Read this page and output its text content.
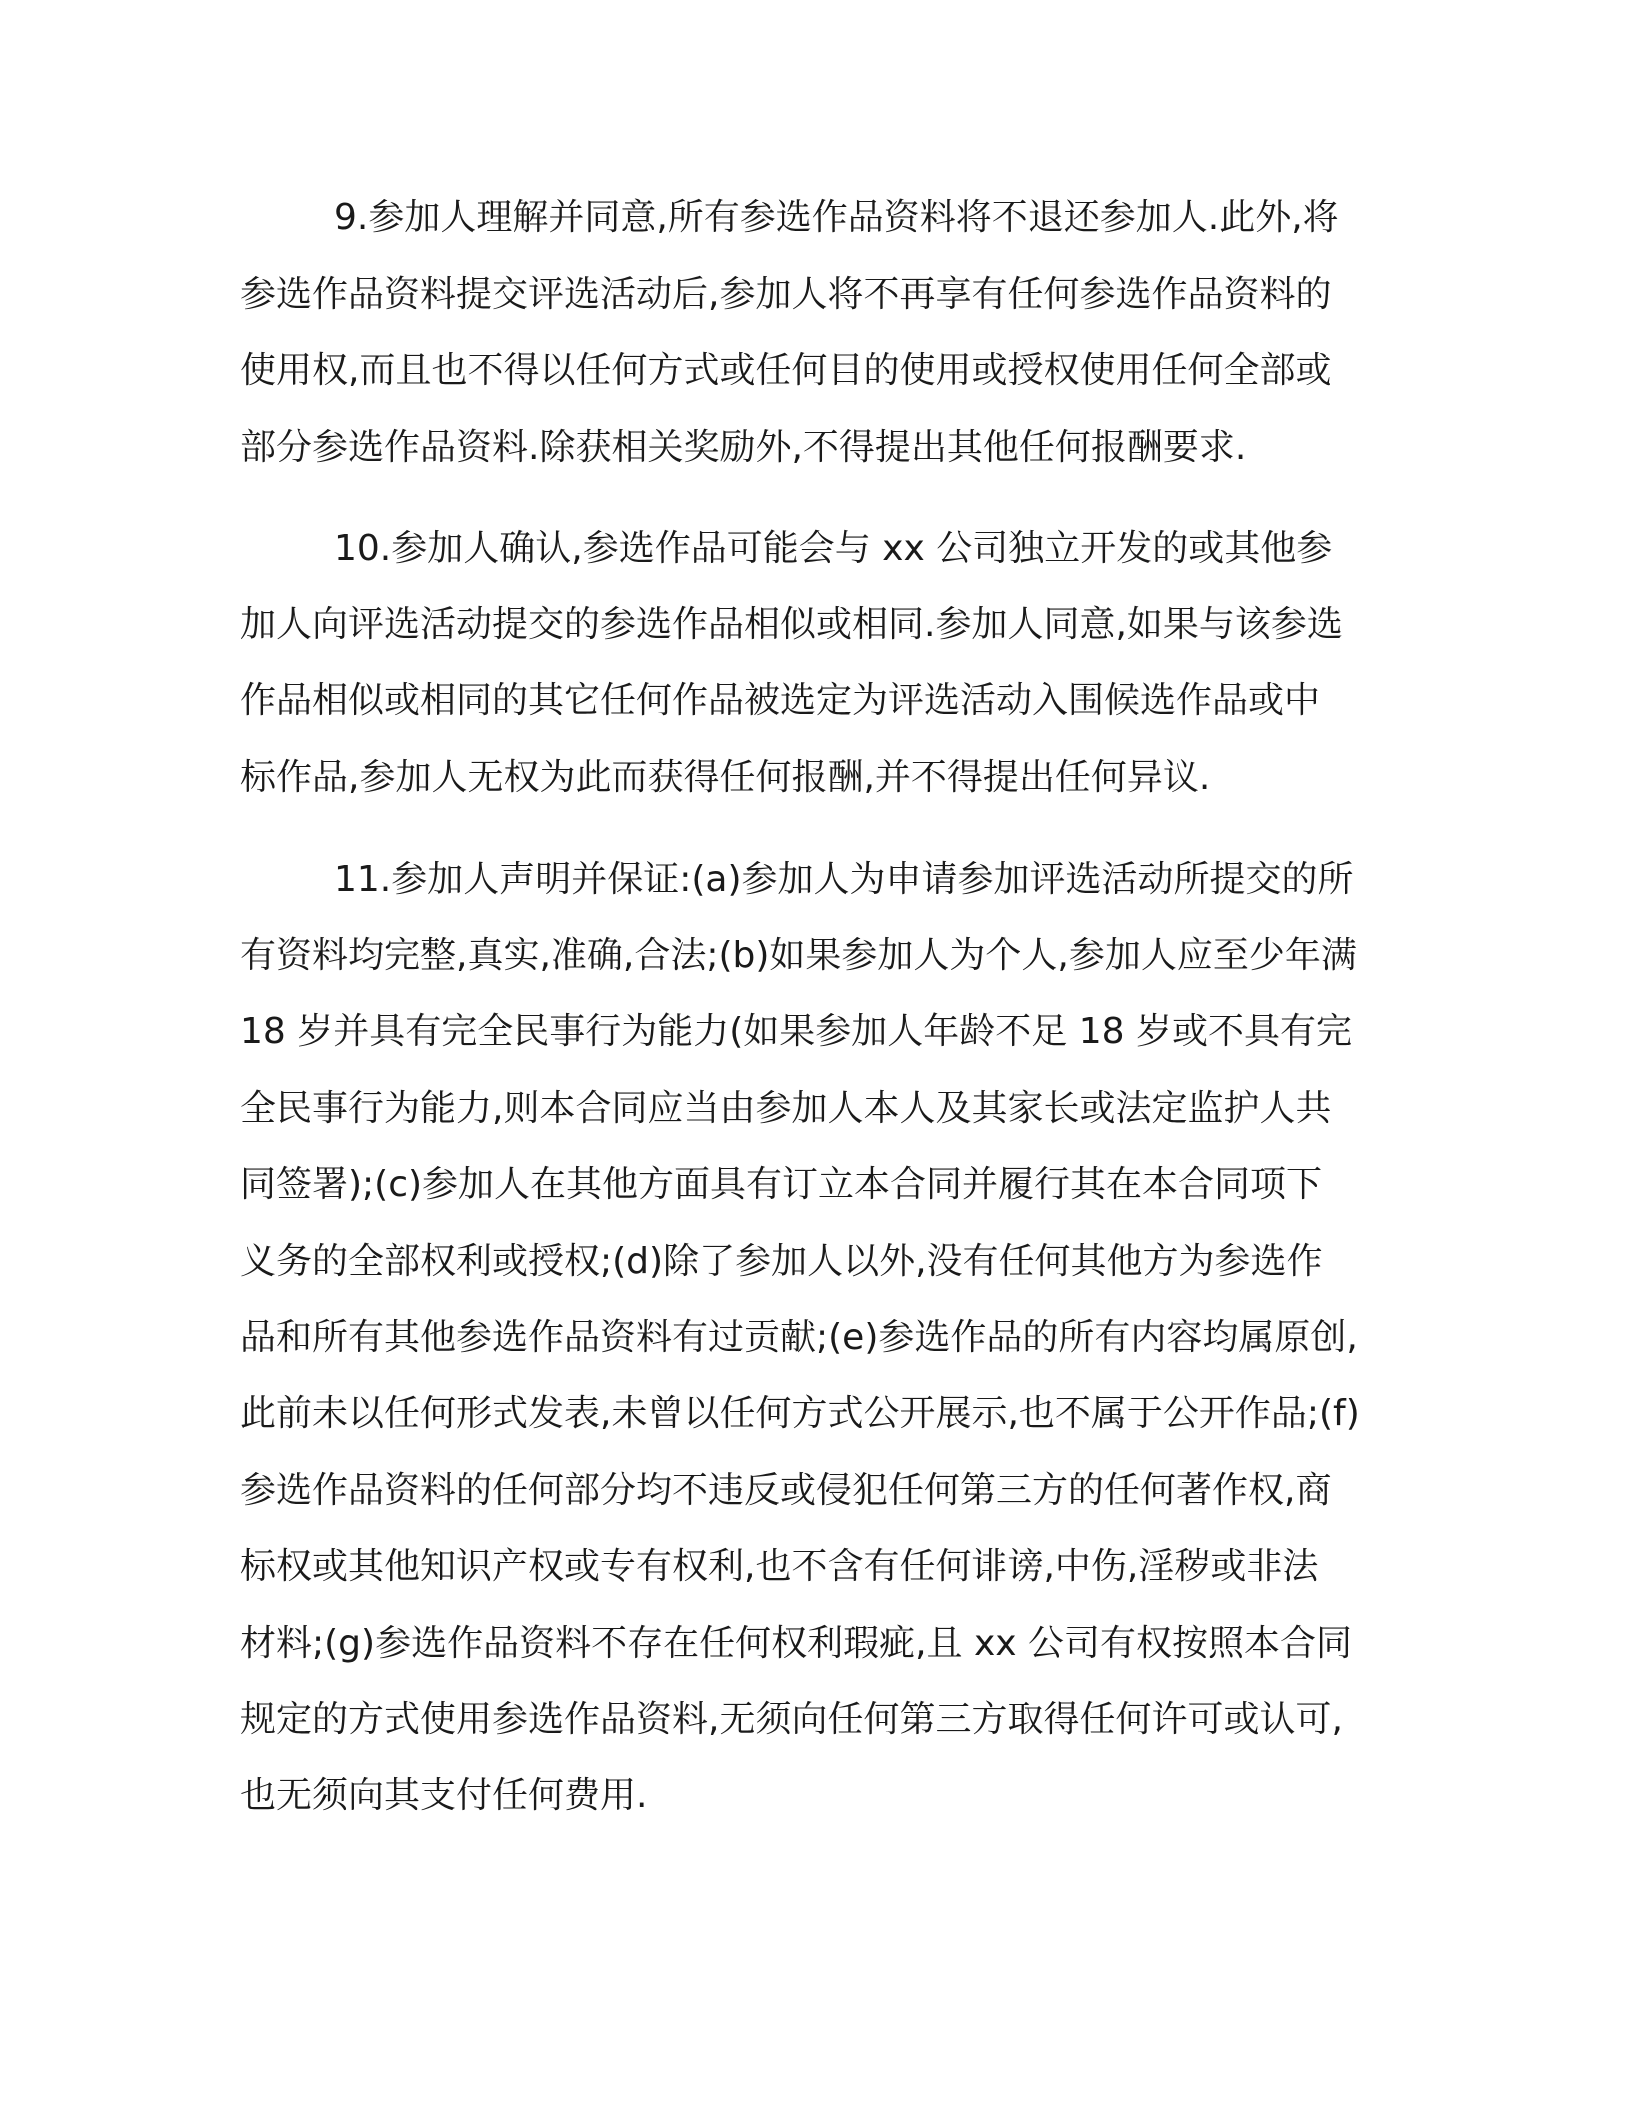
9.参加人理解并同意,所有参选作品资料将不退还参加人.此外,将
参选作品资料提交评选活动后,参加人将不再享有任何参选作品资料的
使用权,而且也不得以任何方式或任何目的使用或授权使用任何全部或
部分参选作品资料.除获相关奖励外,不得提出其他任何报酬要求.
10.参加人确认,参选作品可能会与 xx 公司独立开发的或其他参
加人向评选活动提交的参选作品相似或相同.参加人同意,如果与该参选
作品相似或相同的其它任何作品被选定为评选活动入围候选作品或中
标作品,参加人无权为此而获得任何报酬,并不得提出任何异议.
11.参加人声明并保证:(a)参加人为申请参加评选活动所提交的所
有资料均完整,真实,准确,合法;(b)如果参加人为个人,参加人应至少年满
18 岁并具有完全民事行为能力(如果参加人年龄不足 18 岁或不具有完
全民事行为能力,则本合同应当由参加人本人及其家长或法定监护人共
同签署);(c)参加人在其他方面具有订立本合同并履行其在本合同项下
义务的全部权利或授权;(d)除了参加人以外,没有任何其他方为参选作
品和所有其他参选作品资料有过贡献;(e)参选作品的所有内容均属原创,
此前未以任何形式发表,未曾以任何方式公开展示,也不属于公开作品;(f)
参选作品资料的任何部分均不违反或侵犯任何第三方的任何著作权,商
标权或其他知识产权或专有权利,也不含有任何诽谤,中伤,淫秽或非法
材料;(g)参选作品资料不存在任何权利瑕疵,且 xx 公司有权按照本合同
规定的方式使用参选作品资料,无须向任何第三方取得任何许可或认可,
也无须向其支付任何费用.
